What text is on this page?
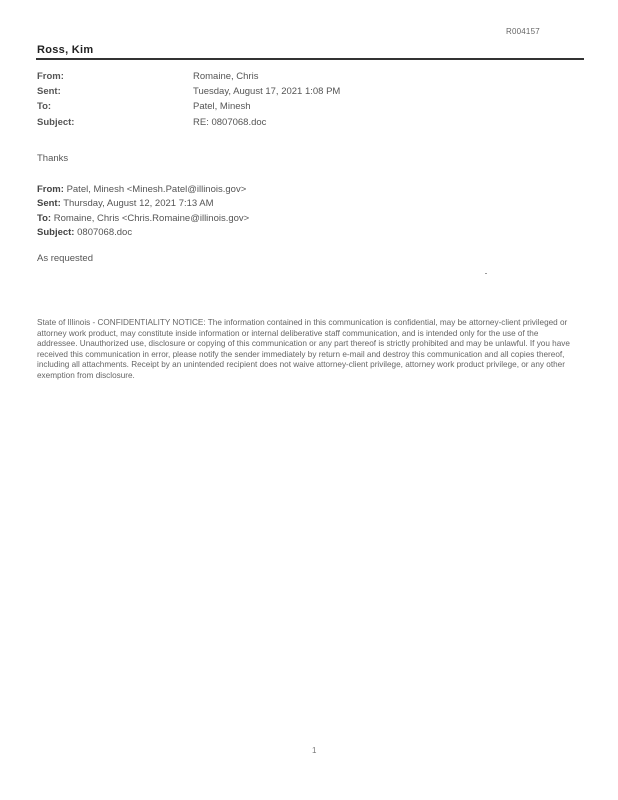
R004157
Ross, Kim
From:	Romaine, Chris
Sent:	Tuesday, August 17, 2021 1:08 PM
To:	Patel, Minesh
Subject:	RE: 0807068.doc
Thanks
From: Patel, Minesh <Minesh.Patel@illinois.gov>
Sent: Thursday, August 12, 2021 7:13 AM
To: Romaine, Chris <Chris.Romaine@illinois.gov>
Subject: 0807068.doc
As requested
State of Illinois - CONFIDENTIALITY NOTICE: The information contained in this communication is confidential, may be attorney-client privileged or attorney work product, may constitute inside information or internal deliberative staff communication, and is intended only for the use of the addressee. Unauthorized use, disclosure or copying of this communication or any part thereof is strictly prohibited and may be unlawful. If you have received this communication in error, please notify the sender immediately by return e-mail and destroy this communication and all copies thereof, including all attachments. Receipt by an unintended recipient does not waive attorney-client privilege, attorney work product privilege, or any other exemption from disclosure.
1
